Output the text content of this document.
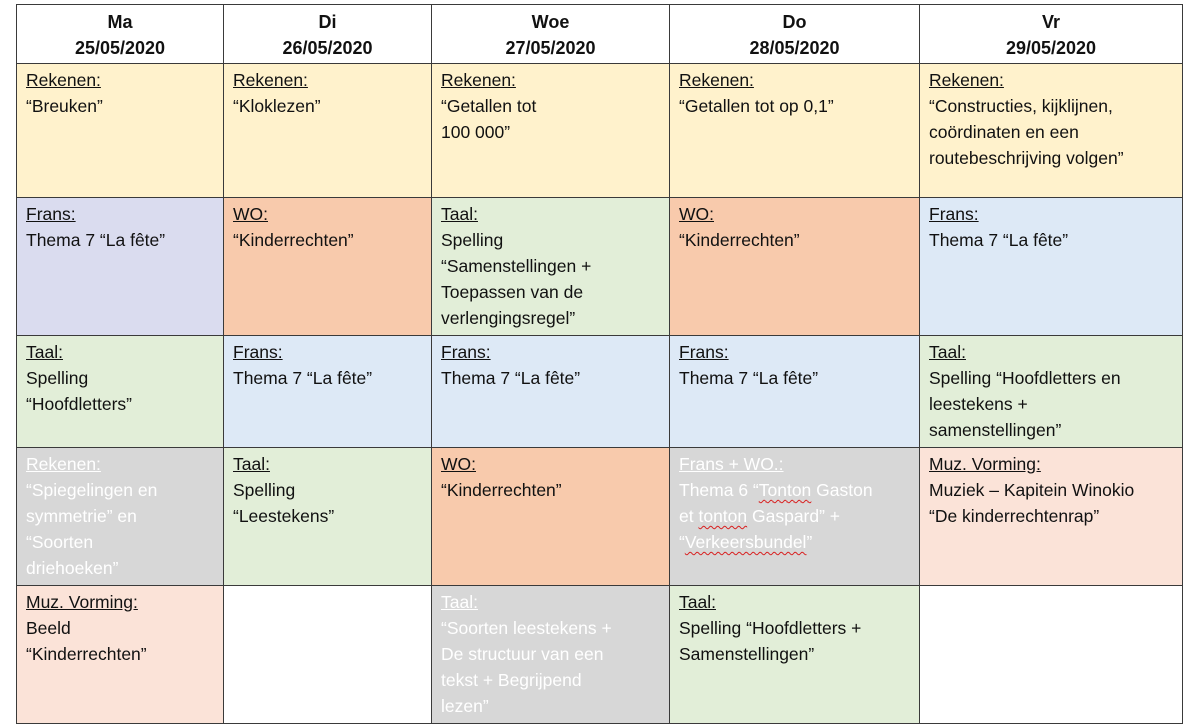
Ma
25/05/2020	Di
26/05/2020	Woe
27/05/2020	Do
28/05/2020	Vr
29/05/2020

Rekenen:
“Breuken”	Rekenen:
“Kloklezen”	Rekenen:
“Getallen tot
100 000”	Rekenen:
“Getallen tot op 0,1”	Rekenen:
“Constructies, kijklijnen,
coördinaten en een
routebeschrijving volgen”

Frans:
Thema 7 “La fête”	WO:
“Kinderrechten”	Taal:
Spelling
“Samenstellingen +
Toepassen van de
verlengingsregel”	WO:
“Kinderrechten”	Frans:
Thema 7 “La fête”

Taal:
Spelling
“Hoofdletters”	Frans:
Thema 7 “La fête”	Frans:
Thema 7 “La fête”	Frans:
Thema 7 “La fête”	Taal:
Spelling “Hoofdletters en
leestekens +
samenstellingen”

Rekenen:
“Spiegelingen en
symmetrie” en
“Soorten
driehoeken”	Taal:
Spelling
“Leestekens”	WO:
“Kinderrechten”	Frans + WO.:
Thema 6 “Tonton Gaston
et tonton Gaspard” +
“Verkeersbundel”	Muz. Vorming:
Muziek – Kapitein Winokio
“De kinderrechtenrap”

Muz. Vorming:
Beeld
“Kinderrechten”		Taal:
“Soorten leestekens +
De structuur van een
tekst + Begrijpend
lezen”	Taal:
Spelling “Hoofdletters +
Samenstellingen”	
